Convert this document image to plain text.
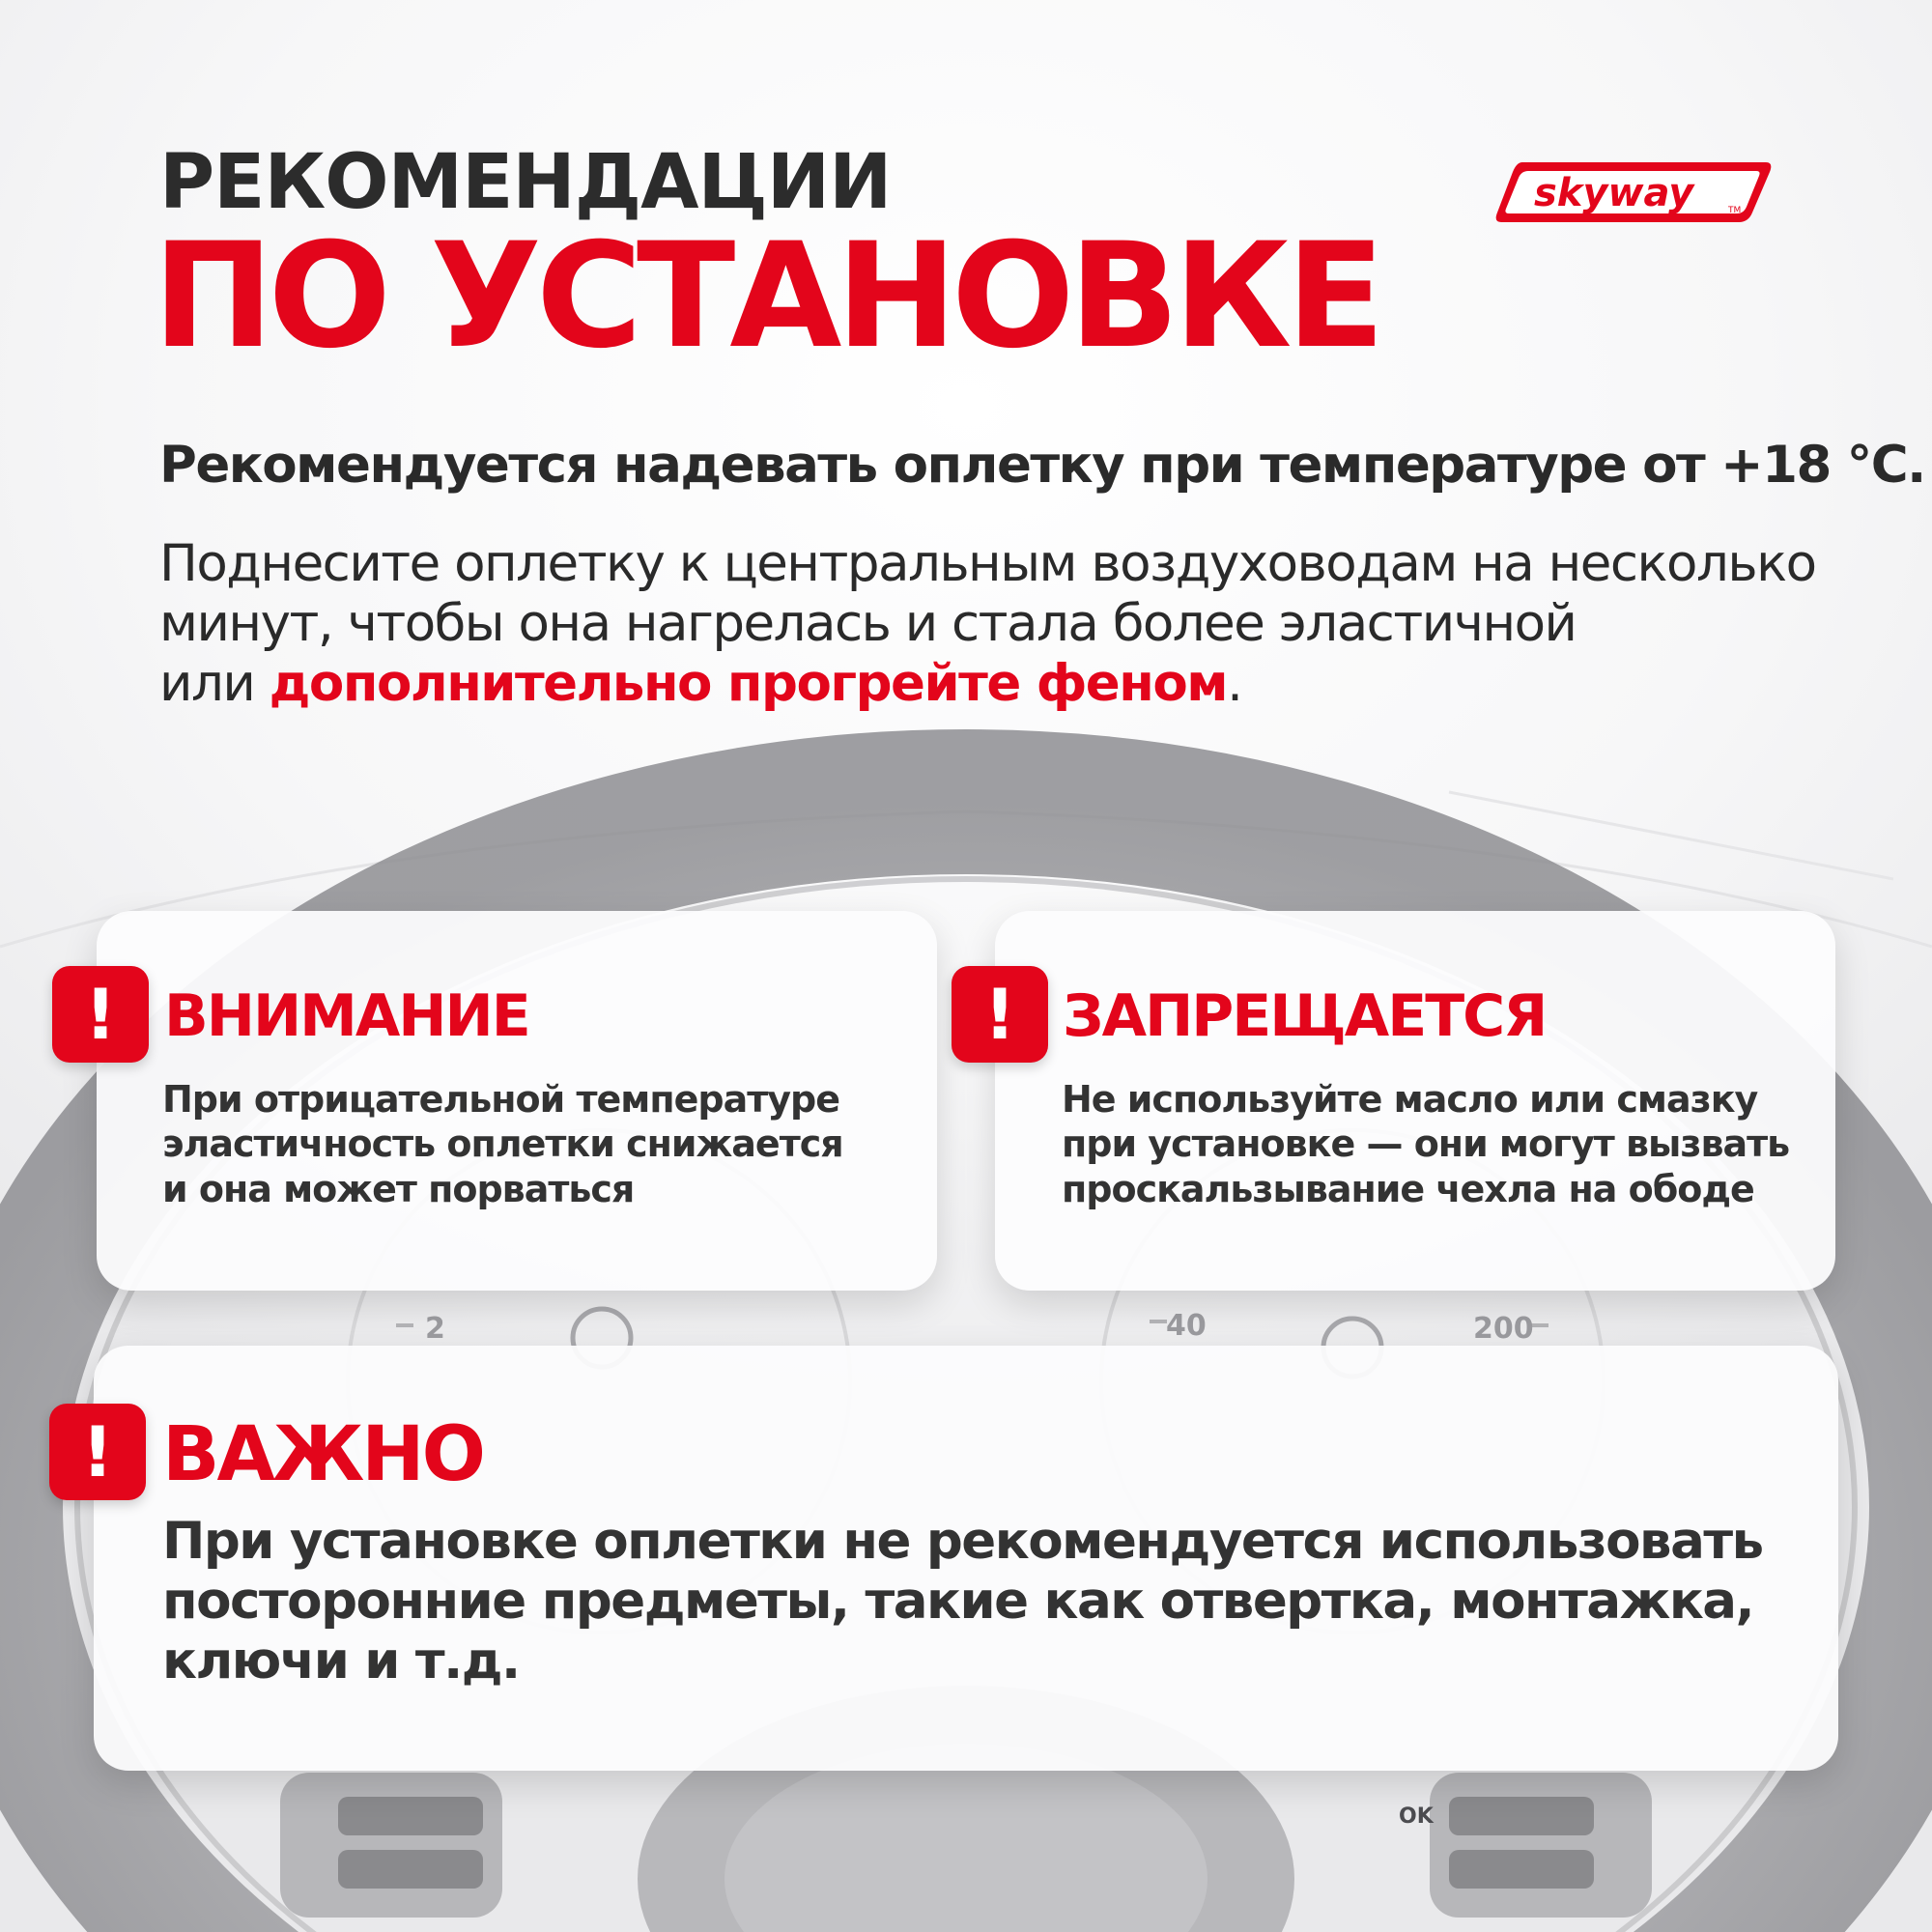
2	40	200
OK
РЕКОМЕНДАЦИИ
ПО УСТАНОВКЕ
skyway	TM

Рекомендуется надевать оплетку при температуре от +18 °С.

Поднесите оплетку к центральным воздуховодам на несколько
минут, чтобы она нагрелась и стала более эластичной
или дополнительно прогрейте феном.

! ВНИМАНИЕ

При отрицательной температуре
эластичность оплетки снижается
и она может порваться

! ЗАПРЕЩАЕТСЯ

Не используйте масло или смазку
при установке — они могут вызвать
проскальзывание чехла на ободе

! ВАЖНО

При установке оплетки не рекомендуется использовать
посторонние предметы, такие как отвертка, монтажка,
ключи и т.д.
